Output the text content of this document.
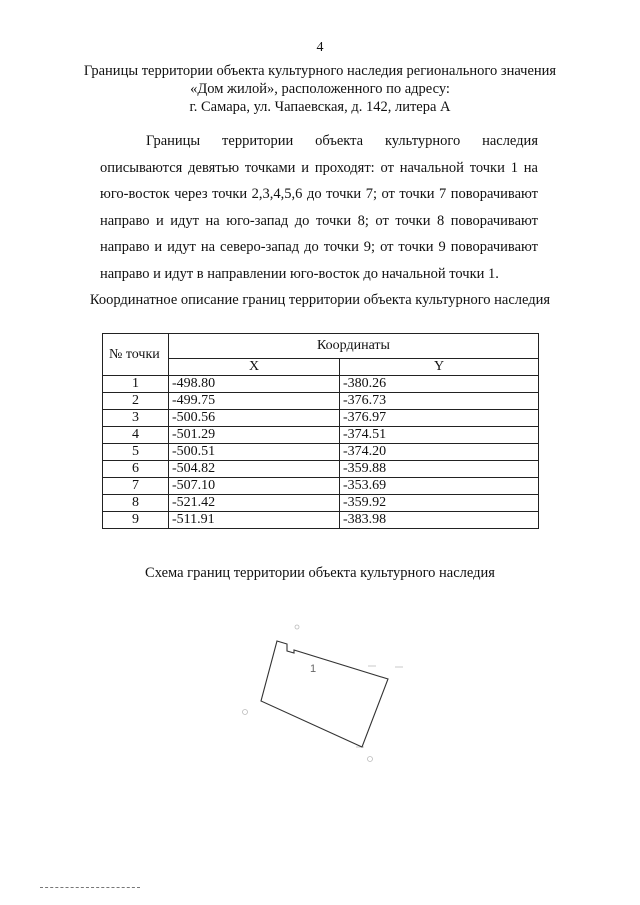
4
Границы территории объекта культурного наследия регионального значения
«Дом жилой», расположенного по адресу:
г. Самара, ул. Чапаевская, д. 142, литера А

Границы территории объекта культурного наследия описываются девятью точками и проходят: от начальной точки 1 на юго-восток через точки 2,3,4,5,6 до точки 7; от точки 7 поворачивают направо и идут на юго-запад до точки 8; от точки 8 поворачивают направо и идут на северо-запад до точки 9; от точки 9 поворачивают направо и идут в направлении юго-восток до начальной точки 1.

Координатное описание границ территории объекта культурного наследия
№ точки	Координаты	
	X	Y
1	-498.80	-380.26
2	-499.75	-376.73
3	-500.56	-376.97
4	-501.29	-374.51
5	-500.51	-374.20
6	-504.82	-359.88
7	-507.10	-353.69
8	-521.42	-359.92
9	-511.91	-383.98
Схема границ территории объекта культурного наследия
1
